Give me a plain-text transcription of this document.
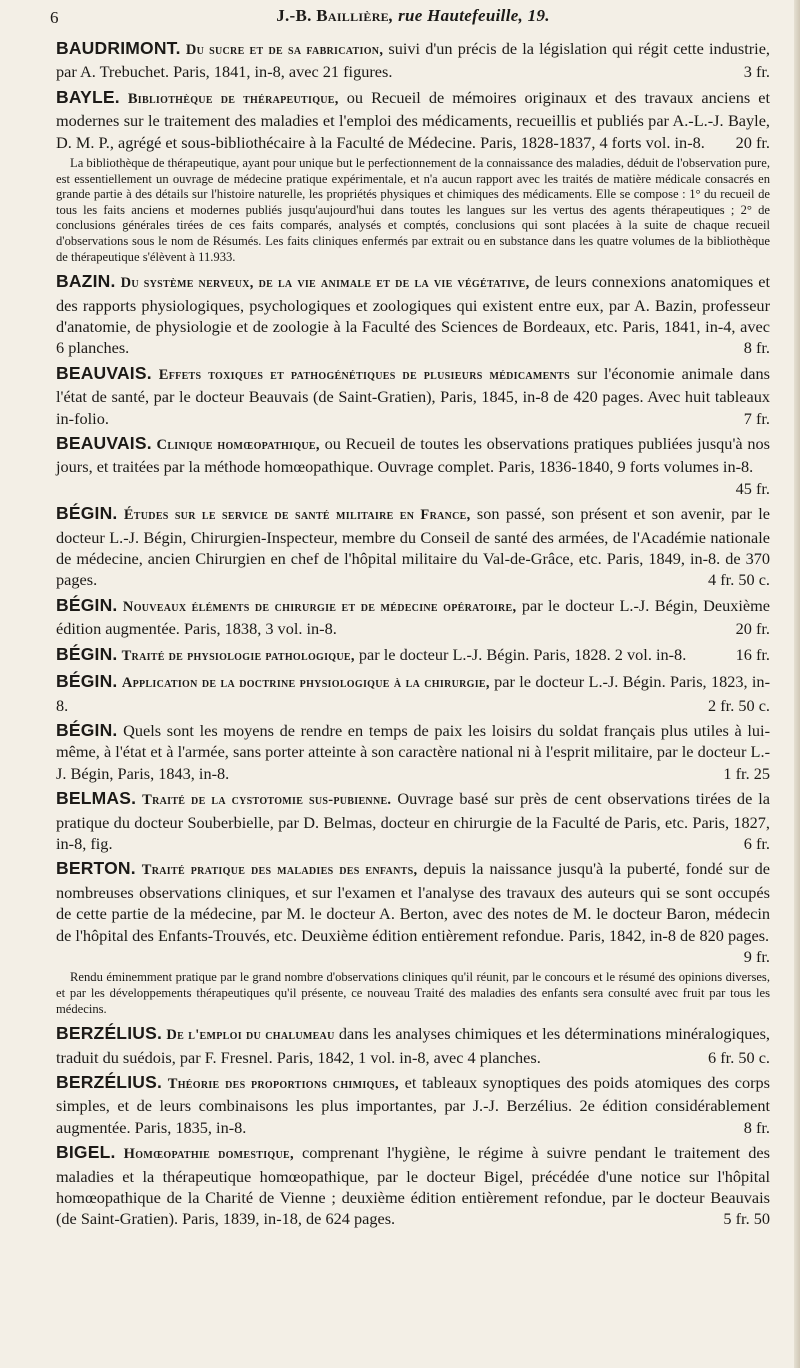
6	J.-B. Baillière, rue Hautefeuille, 19.

BAUDRIMONT. Du sucre et de sa fabrication, suivi d'un précis de la législation qui régit cette industrie, par A. Trebuchet. Paris, 1841, in-8, avec 21 figures.	3 fr.

BAYLE. Bibliothèque de thérapeutique, ou Recueil de mémoires originaux et des travaux anciens et modernes sur le traitement des maladies et l'emploi des médicaments, recueillis et publiés par A.-L.-J. Bayle, D. M. P., agrégé et sous-bibliothécaire à la Faculté de Médecine. Paris, 1828-1837, 4 forts vol. in-8.	20 fr.

La bibliothèque de thérapeutique, ayant pour unique but le perfectionnement de la connaissance des maladies, déduit de l'observation pure, est essentiellement un ouvrage de médecine pratique expérimentale, et n'a aucun rapport avec les traités de matière médicale consacrés en grande partie à des détails sur l'histoire naturelle, les propriétés physiques et chimiques des médicaments. Elle se compose : 1° du recueil de tous les faits anciens et modernes publiés jusqu'aujourd'hui dans toutes les langues sur les vertus des agents thérapeutiques ; 2° de conclusions générales tirées de ces faits comparés, analysés et comptés, conclusions qui sont placées à la suite de chaque recueil d'observations sous le nom de Résumés. Les faits cliniques enfermés par extrait ou en substance dans les quatre volumes de la bibliothèque de thérapeutique s'élèvent à 11.933.

BAZIN. Du système nerveux, de la vie animale et de la vie végétative, de leurs connexions anatomiques et des rapports physiologiques, psychologiques et zoologiques qui existent entre eux, par A. Bazin, professeur d'anatomie, de physiologie et de zoologie à la Faculté des Sciences de Bordeaux, etc. Paris, 1841, in-4, avec 6 planches.	8 fr.

BEAUVAIS. Effets toxiques et pathogénétiques de plusieurs médicaments sur l'économie animale dans l'état de santé, par le docteur Beauvais (de Saint-Gratien), Paris, 1845, in-8 de 420 pages. Avec huit tableaux in-folio.	7 fr.

BEAUVAIS. Clinique homœopathique, ou Recueil de toutes les observations pratiques publiées jusqu'à nos jours, et traitées par la méthode homœopathique. Ouvrage complet. Paris, 1836-1840, 9 forts volumes in-8.
45 fr.

BÉGIN. Études sur le service de santé militaire en France, son passé, son présent et son avenir, par le docteur L.-J. Bégin, Chirurgien-Inspecteur, membre du Conseil de santé des armées, de l'Académie nationale de médecine, ancien Chirurgien en chef de l'hôpital militaire du Val-de-Grâce, etc. Paris, 1849, in-8. de 370 pages.	4 fr. 50 c.

BÉGIN. Nouveaux éléments de chirurgie et de médecine opératoire, par le docteur L.-J. Bégin, Deuxième édition augmentée. Paris, 1838, 3 vol. in-8.	20 fr.

BÉGIN. Traité de physiologie pathologique, par le docteur L.-J. Bégin. Paris, 1828. 2 vol. in-8.	16 fr.

BÉGIN. Application de la doctrine physiologique à la chirurgie, par le docteur L.-J. Bégin. Paris, 1823, in-8.	2 fr. 50 c.

BÉGIN. Quels sont les moyens de rendre en temps de paix les loisirs du soldat français plus utiles à lui-même, à l'état et à l'armée, sans porter atteinte à son caractère national ni à l'esprit militaire, par le docteur L.-J. Bégin, Paris, 1843, in-8.	1 fr. 25

BELMAS. Traité de la cystotomie sus-pubienne. Ouvrage basé sur près de cent observations tirées de la pratique du docteur Souberbielle, par D. Belmas, docteur en chirurgie de la Faculté de Paris, etc. Paris, 1827, in-8, fig.	6 fr.

BERTON. Traité pratique des maladies des enfants, depuis la naissance jusqu'à la puberté, fondé sur de nombreuses observations cliniques, et sur l'examen et l'analyse des travaux des auteurs qui se sont occupés de cette partie de la médecine, par M. le docteur A. Berton, avec des notes de M. le docteur Baron, médecin de l'hôpital des Enfants-Trouvés, etc. Deuxième édition entièrement refondue. Paris, 1842, in-8 de 820 pages.
9 fr.

Rendu éminemment pratique par le grand nombre d'observations cliniques qu'il réunit, par le concours et le résumé des opinions diverses, et par les développements thérapeutiques qu'il présente, ce nouveau Traité des maladies des enfants sera consulté avec fruit par tous les médecins.

BERZÉLIUS. De l'emploi du chalumeau dans les analyses chimiques et les déterminations minéralogiques, traduit du suédois, par F. Fresnel. Paris, 1842, 1 vol. in-8, avec 4 planches.	6 fr. 50 c.

BERZÉLIUS. Théorie des proportions chimiques, et tableaux synoptiques des poids atomiques des corps simples, et de leurs combinaisons les plus importantes, par J.-J. Berzélius. 2e édition considérablement augmentée. Paris, 1835, in-8.	8 fr.

BIGEL. Homœopathie domestique, comprenant l'hygiène, le régime à suivre pendant le traitement des maladies et la thérapeutique homœopathique, par le docteur Bigel, précédée d'une notice sur l'hôpital homœopathique de la Charité de Vienne ; deuxième édition entièrement refondue, par le docteur Beauvais (de Saint-Gratien). Paris, 1839, in-18, de 624 pages.	5 fr. 50
